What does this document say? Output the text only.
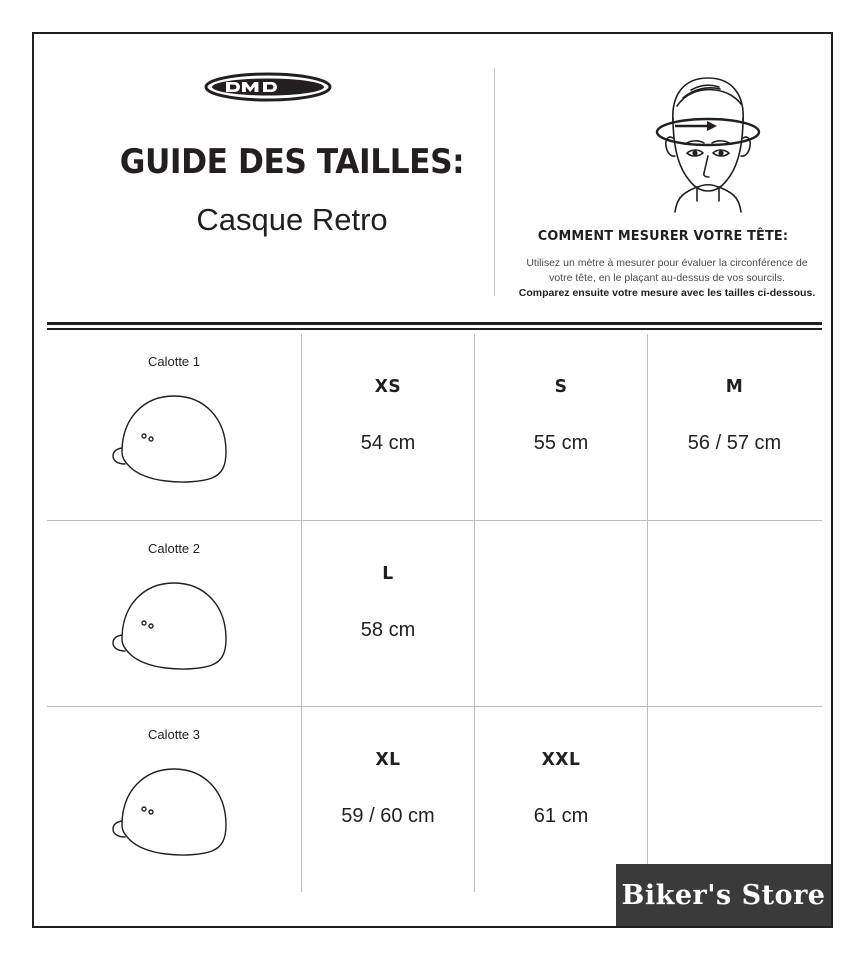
GUIDE DES TAILLES:
Casque Retro	COMMENT MESURER VOTRE TÊTE:
Utilisez un mètre à mesurer pour évaluer la circonférence de
votre tête, en le plaçant au-dessus de vos sourcils.
Comparez ensuite votre mesure avec les tailles ci-dessous.
Calotte 1
XS
54 cm
S
55 cm
M
56 / 57 cm
Calotte 2
L
58 cm
Calotte 3
XL
59 / 60 cm
XXL
61 cm
Biker's Store
